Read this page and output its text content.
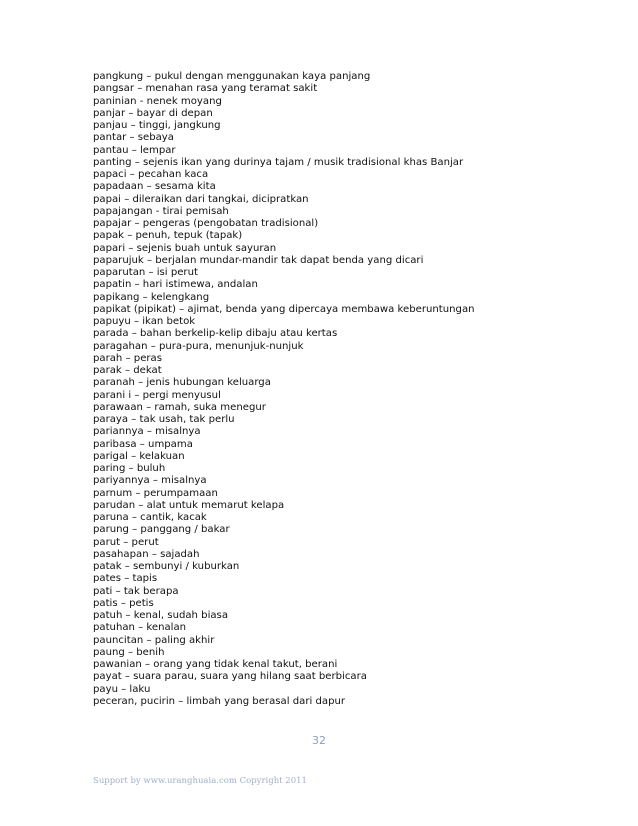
pangkung – pukul dengan menggunakan kaya panjang
pangsar – menahan rasa yang teramat sakit
paninian - nenek moyang
panjar – bayar di depan
panjau – tinggi, jangkung
pantar – sebaya
pantau – lempar
panting – sejenis ikan yang durinya tajam / musik tradisional khas Banjar
papaci – pecahan kaca
papadaan – sesama kita
papai – dileraikan dari tangkai, dicipratkan
papajangan - tirai pemisah
papajar – pengeras (pengobatan tradisional)
papak – penuh, tepuk (tapak)
papari – sejenis buah untuk sayuran
paparujuk – berjalan mundar-mandir tak dapat benda yang dicari
paparutan – isi perut
papatin – hari istimewa, andalan
papikang – kelengkang
papikat (pipikat) – ajimat, benda yang dipercaya membawa keberuntungan
papuyu – ikan betok
parada – bahan berkelip-kelip dibaju atau kertas
paragahan – pura-pura, menunjuk-nunjuk
parah – peras
parak – dekat
paranah – jenis hubungan keluarga
parani i – pergi menyusul
parawaan – ramah, suka menegur
paraya – tak usah, tak perlu
pariannya – misalnya
paribasa – umpama
parigal – kelakuan
paring – buluh
pariyannya – misalnya
parnum – perumpamaan
parudan – alat untuk memarut kelapa
paruna – cantik, kacak
parung – panggang / bakar
parut – perut
pasahapan – sajadah
patak – sembunyi / kuburkan
pates – tapis
pati – tak berapa
patis – petis
patuh – kenal, sudah biasa
patuhan – kenalan
pauncitan – paling akhir
paung – benih
pawanian – orang yang tidak kenal takut, berani
payat – suara parau, suara yang hilang saat berbicara
payu – laku
peceran, pucirin – limbah yang berasal dari dapur
32
Support by www.uranghuaia.com Copyright 2011
